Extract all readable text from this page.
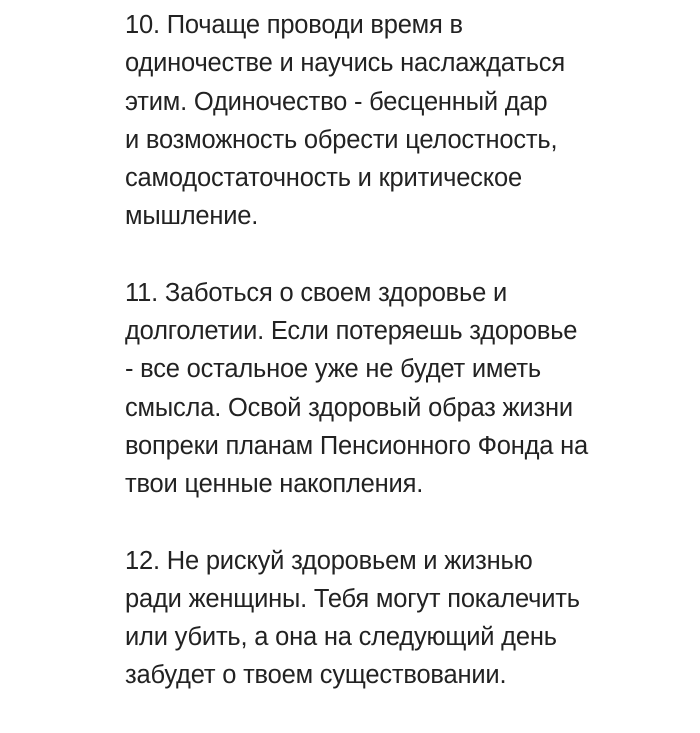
10. Почаще проводи время в
одиночестве и научись наслаждаться
этим. Одиночество - бесценный дар
и возможность обрести целостность,
самодостаточность и критическое
мышление.

11. Заботься о своем здоровье и
долголетии. Если потеряешь здоровье
- все остальное уже не будет иметь
смысла. Освой здоровый образ жизни
вопреки планам Пенсионного Фонда на
твои ценные накопления.

12. Не рискуй здоровьем и жизнью
ради женщины. Тебя могут покалечить
или убить, а она на следующий день
забудет о твоем существовании.
